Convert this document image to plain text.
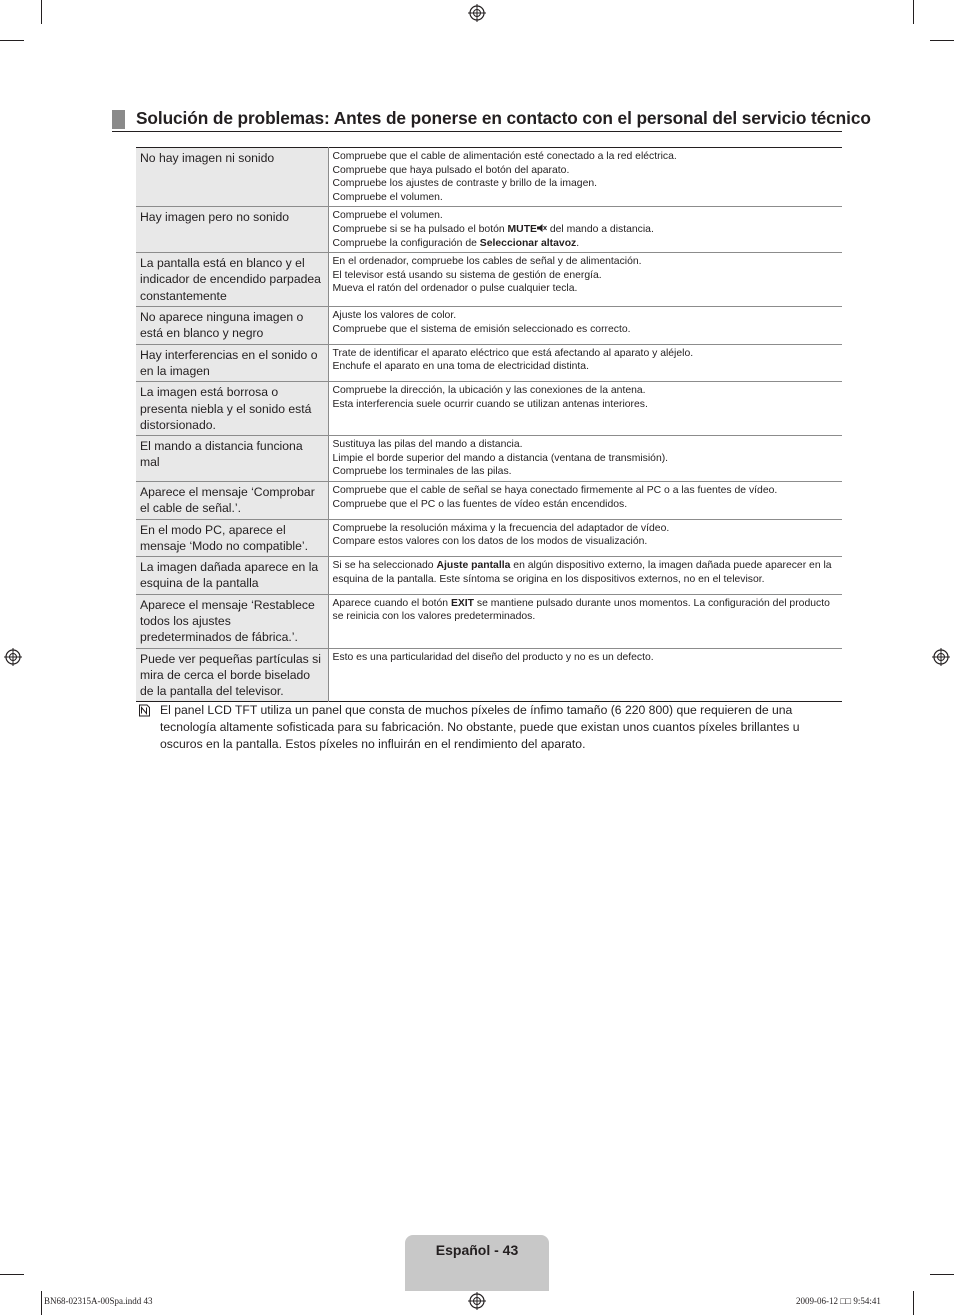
Solución de problemas: Antes de ponerse en contacto con el personal del servicio técnico
No hay imagen ni sonido	Compruebe que el cable de alimentación esté conectado a la red eléctrica.
Compruebe que haya pulsado el botón del aparato.
Compruebe los ajustes de contraste y brillo de la imagen.
Compruebe el volumen.

Hay imagen pero no sonido	Compruebe el volumen.
Compruebe si se ha pulsado el botón MUTE del mando a distancia.
Compruebe la configuración de Seleccionar altavoz.

La pantalla está en blanco y el indicador de encendido parpadea constantemente	En el ordenador, compruebe los cables de señal y de alimentación.
El televisor está usando su sistema de gestión de energía.
Mueva el ratón del ordenador o pulse cualquier tecla.

No aparece ninguna imagen o está en blanco y negro	Ajuste los valores de color.
Compruebe que el sistema de emisión seleccionado es correcto.

Hay interferencias en el sonido o en la imagen	Trate de identificar el aparato eléctrico que está afectando al aparato y aléjelo.
Enchufe el aparato en una toma de electricidad distinta.

La imagen está borrosa o presenta niebla y el sonido está distorsionado.	Compruebe la dirección, la ubicación y las conexiones de la antena.
Esta interferencia suele ocurrir cuando se utilizan antenas interiores.

El mando a distancia funciona mal	Sustituya las pilas del mando a distancia.
Limpie el borde superior del mando a distancia (ventana de transmisión).
Compruebe los terminales de las pilas.

Aparece el mensaje ‘Comprobar el cable de señal.’.	Compruebe que el cable de señal se haya conectado firmemente al PC o a las fuentes de vídeo.
Compruebe que el PC o las fuentes de vídeo están encendidos.

En el modo PC, aparece el mensaje ‘Modo no compatible’.	Compruebe la resolución máxima y la frecuencia del adaptador de vídeo.
Compare estos valores con los datos de los modos de visualización.

La imagen dañada aparece en la esquina de la pantalla	Si se ha seleccionado Ajuste pantalla en algún dispositivo externo, la imagen dañada puede aparecer en la esquina de la pantalla. Este síntoma se origina en los dispositivos externos, no en el televisor.

Aparece el mensaje ‘Restablece todos los ajustes predeterminados de fábrica.’.	Aparece cuando el botón EXIT se mantiene pulsado durante unos momentos. La configuración del producto se reinicia con los valores predeterminados.

Puede ver pequeñas partículas si mira de cerca el borde biselado de la pantalla del televisor.	Esto es una particularidad del diseño del producto y no es un defecto.
El panel LCD TFT utiliza un panel que consta de muchos píxeles de ínfimo tamaño (6 220 800) que requieren de una tecnología altamente sofisticada para su fabricación. No obstante, puede que existan unos cuantos píxeles brillantes u oscuros en la pantalla. Estos píxeles no influirán en el rendimiento del aparato.
Español - 43
BN68-02315A-00Spa.indd 43	2009-06-12 □□ 9:54:41
